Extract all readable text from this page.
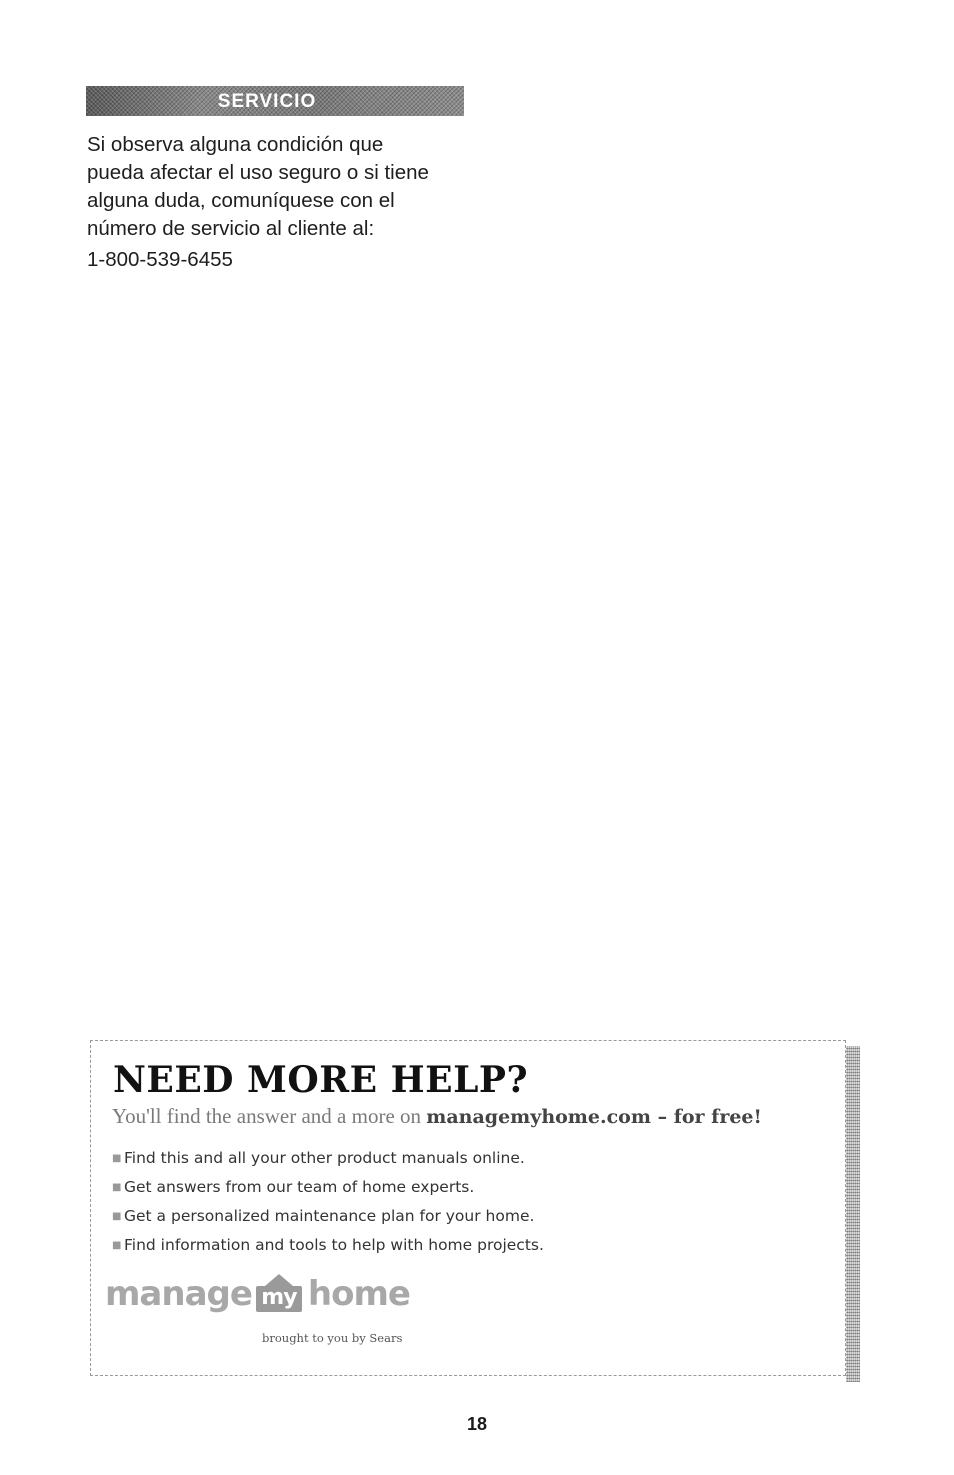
SERVICIO

Si observa alguna condición que
pueda afectar el uso seguro o si tiene
alguna duda, comuníquese con el
número de servicio al cliente al:

1-800-539-6455

NEED MORE HELP?

You'll find the answer and a more on managemyhome.com – for free!

■ Find this and all your other product manuals online.
■ Get answers from our team of home experts.
■ Get a personalized maintenance plan for your home.
■ Find information and tools to help with home projects.
manage my home
brought to you by Sears
18
